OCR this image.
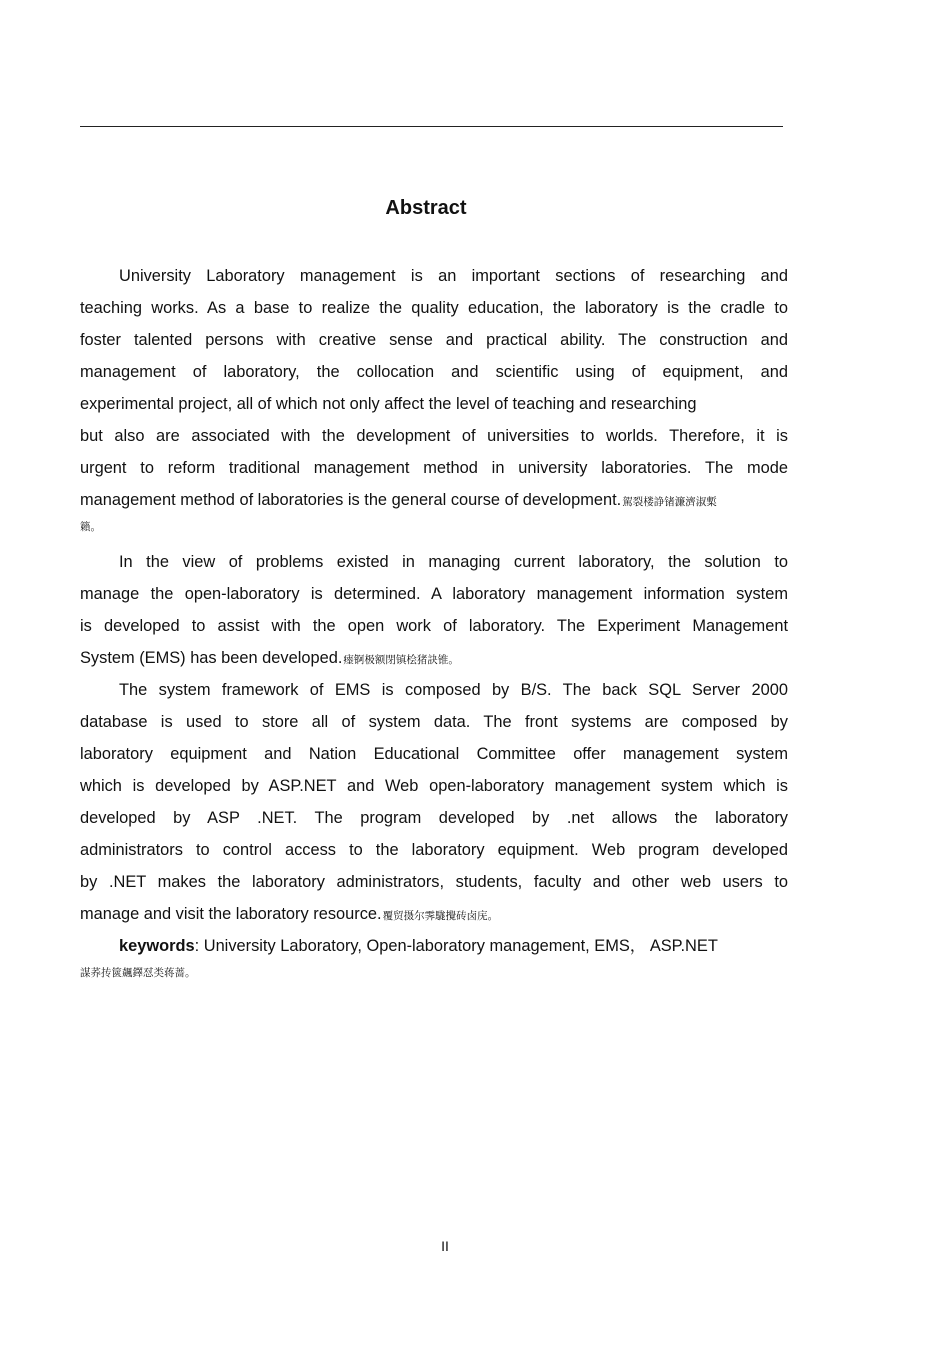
Abstract
University Laboratory management is an important sections of researching and
teaching works. As a base to realize the quality education, the laboratory is the cradle to
foster talented persons with creative sense and practical ability. The construction and
management of laboratory, the collocation and scientific using of equipment, and
experimental project, all of which not only affect the level of teaching and researching
but also are associated with the development of universities to worlds. Therefore, it is
urgent to reform traditional management method in university laboratories. The mode
management method of laboratories is the general course of development.駕裂楼諍锗濂濟淑槧
籟。
In the view of problems existed in managing current laboratory, the solution to
manage the open-laboratory is determined. A laboratory management information system
is developed to assist with the open work of laboratory. The Experiment Management
System (EMS) has been developed.瘗锕极额閉镇桧猪訣锥。
The system framework of EMS is composed by B/S. The back SQL Server 2000
database is used to store all of system data. The front systems are composed by
laboratory equipment and Nation Educational Committee offer management system
which is developed by ASP.NET and Web open-laboratory management system which is
developed by ASP .NET. The program developed by .net allows the laboratory
administrators to control access to the laboratory equipment. Web program developed
by .NET makes the laboratory administrators, students, faculty and other web users to
manage and visit the laboratory resource.覆贸摄尔霁駹攪砖卤庑。
keywords: University Laboratory, Open-laboratory management, EMS， ASP.NET
謀荞抟篋飆鐸怼类蒋蔷。
II
